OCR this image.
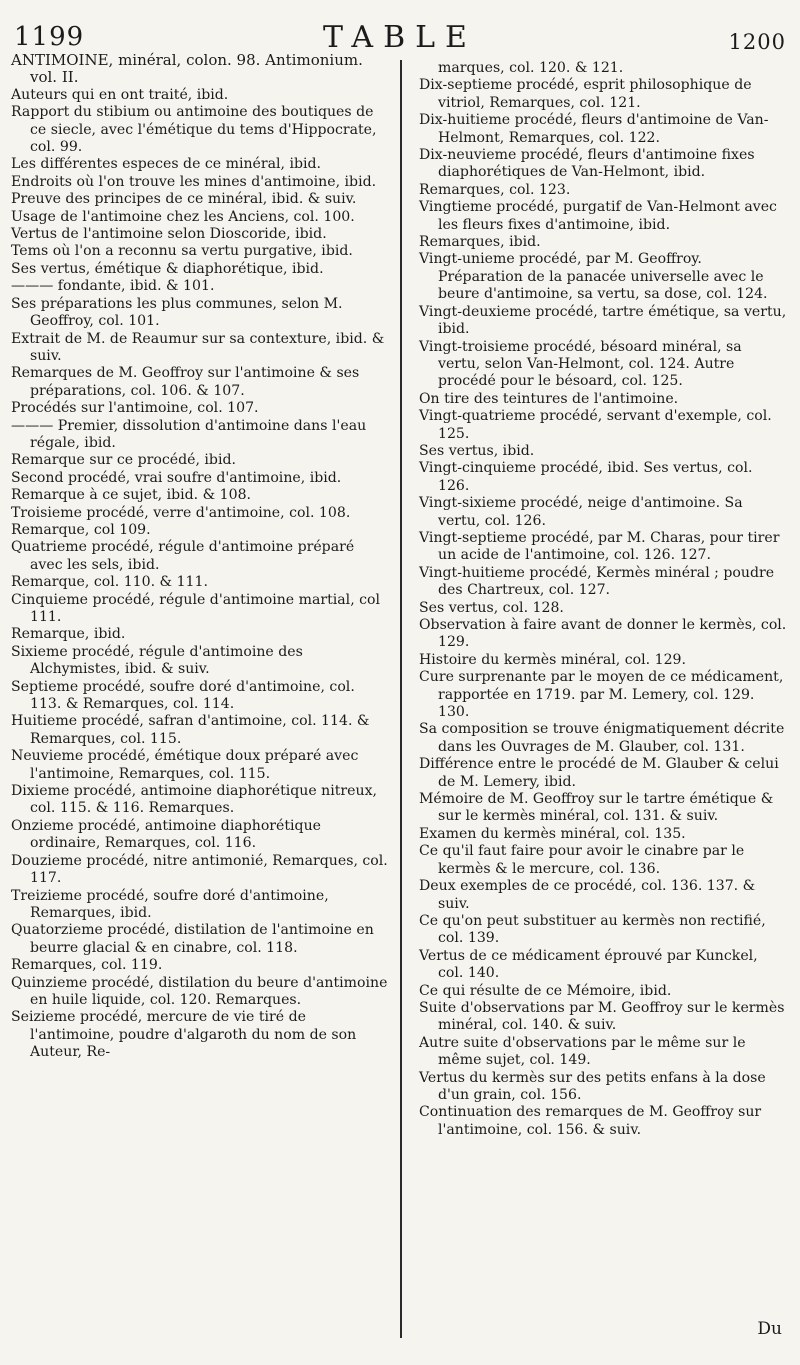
1199	TABLE	1200

ANTIMOINE, minéral, colon. 98. Antimonium. vol. II.

Auteurs qui en ont traité, ibid.

Rapport du stibium ou antimoine des boutiques de ce siecle, avec l'émétique du tems d'Hippocrate, col. 99.

Les différentes especes de ce minéral, ibid.

Endroits où l'on trouve les mines d'antimoine, ibid.

Preuve des principes de ce minéral, ibid. & suiv.

Usage de l'antimoine chez les Anciens, col. 100.

Vertus de l'antimoine selon Dioscoride, ibid.

Tems où l'on a reconnu sa vertu purgative, ibid.

Ses vertus, émétique & diaphorétique, ibid.

——— fondante, ibid. & 101.

Ses préparations les plus communes, selon M. Geoffroy, col. 101.

Extrait de M. de Reaumur sur sa contexture, ibid. & suiv.

Remarques de M. Geoffroy sur l'antimoine & ses préparations, col. 106. & 107.

Procédés sur l'antimoine, col. 107.

——— Premier, dissolution d'antimoine dans l'eau régale, ibid.

Remarque sur ce procédé, ibid.

Second procédé, vrai soufre d'antimoine, ibid.

Remarque à ce sujet, ibid. & 108.

Troisieme procédé, verre d'antimoine, col. 108.

Remarque, col 109.

Quatrieme procédé, régule d'antimoine préparé avec les sels, ibid.

Remarque, col. 110. & 111.

Cinquieme procédé, régule d'antimoine martial, col 111.

Remarque, ibid.

Sixieme procédé, régule d'antimoine des Alchymistes, ibid. & suiv.

Septieme procédé, soufre doré d'antimoine, col. 113. & Remarques, col. 114.

Huitieme procédé, safran d'antimoine, col. 114. & Remarques, col. 115.

Neuvieme procédé, émétique doux préparé avec l'antimoine, Remarques, col. 115.

Dixieme procédé, antimoine diaphorétique nitreux, col. 115. & 116. Remarques.

Onzieme procédé, antimoine diaphorétique ordinaire, Remarques, col. 116.

Douzieme procédé, nitre antimonié, Remarques, col. 117.

Treizieme procédé, soufre doré d'antimoine, Remarques, ibid.

Quatorzieme procédé, distilation de l'antimoine en beurre glacial & en cinabre, col. 118.

Remarques, col. 119.

Quinzieme procédé, distilation du beure d'antimoine en huile liquide, col. 120. Remarques.

Seizieme procédé, mercure de vie tiré de l'antimoine, poudre d'algaroth du nom de son Auteur, Re-

marques, col. 120. & 121.

Dix-septieme procédé, esprit philosophique de vitriol, Remarques, col. 121.

Dix-huitieme procédé, fleurs d'antimoine de Van-Helmont, Remarques, col. 122.

Dix-neuvieme procédé, fleurs d'antimoine fixes diaphorétiques de Van-Helmont, ibid.

Remarques, col. 123.

Vingtieme procédé, purgatif de Van-Helmont avec les fleurs fixes d'antimoine, ibid.

Remarques, ibid.

Vingt-unieme procédé, par M. Geoffroy. Préparation de la panacée universelle avec le beure d'antimoine, sa vertu, sa dose, col. 124.

Vingt-deuxieme procédé, tartre émétique, sa vertu, ibid.

Vingt-troisieme procédé, bésoard minéral, sa vertu, selon Van-Helmont, col. 124. Autre procédé pour le bésoard, col. 125.

On tire des teintures de l'antimoine.

Vingt-quatrieme procédé, servant d'exemple, col. 125.

Ses vertus, ibid.

Vingt-cinquieme procédé, ibid. Ses vertus, col. 126.

Vingt-sixieme procédé, neige d'antimoine. Sa vertu, col. 126.

Vingt-septieme procédé, par M. Charas, pour tirer un acide de l'antimoine, col. 126. 127.

Vingt-huitieme procédé, Kermès minéral ; poudre des Chartreux, col. 127.

Ses vertus, col. 128.

Observation à faire avant de donner le kermès, col. 129.

Histoire du kermès minéral, col. 129.

Cure surprenante par le moyen de ce médicament, rapportée en 1719. par M. Lemery, col. 129. 130.

Sa composition se trouve énigmatiquement décrite dans les Ouvrages de M. Glauber, col. 131.

Différence entre le procédé de M. Glauber & celui de M. Lemery, ibid.

Mémoire de M. Geoffroy sur le tartre émétique & sur le kermès minéral, col. 131. & suiv.

Examen du kermès minéral, col. 135.

Ce qu'il faut faire pour avoir le cinabre par le kermès & le mercure, col. 136.

Deux exemples de ce procédé, col. 136. 137. & suiv.

Ce qu'on peut substituer au kermès non rectifié, col. 139.

Vertus de ce médicament éprouvé par Kunckel, col. 140.

Ce qui résulte de ce Mémoire, ibid.

Suite d'observations par M. Geoffroy sur le kermès minéral, col. 140. & suiv.

Autre suite d'observations par le même sur le même sujet, col. 149.

Vertus du kermès sur des petits enfans à la dose d'un grain, col. 156.

Continuation des remarques de M. Geoffroy sur l'antimoine, col. 156. & suiv.

Du
